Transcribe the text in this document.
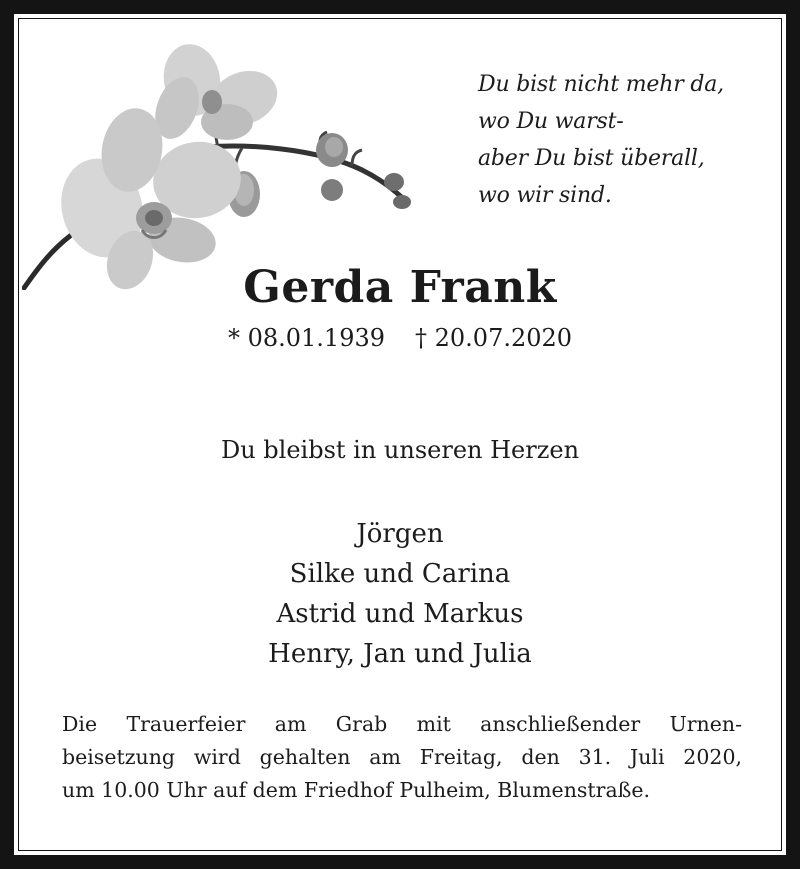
Du bist nicht mehr da,
wo Du warst-
aber Du bist überall,
wo wir sind.
Gerda Frank
* 08.01.1939 † 20.07.2020
Du bleibst in unseren Herzen
Jörgen
Silke und Carina
Astrid und Markus
Henry, Jan und Julia
Die Trauerfeier am Grab mit anschließender Urnen-
beisetzung wird gehalten am Freitag, den 31. Juli 2020,
um 10.00 Uhr auf dem Friedhof Pulheim, Blumenstraße.
